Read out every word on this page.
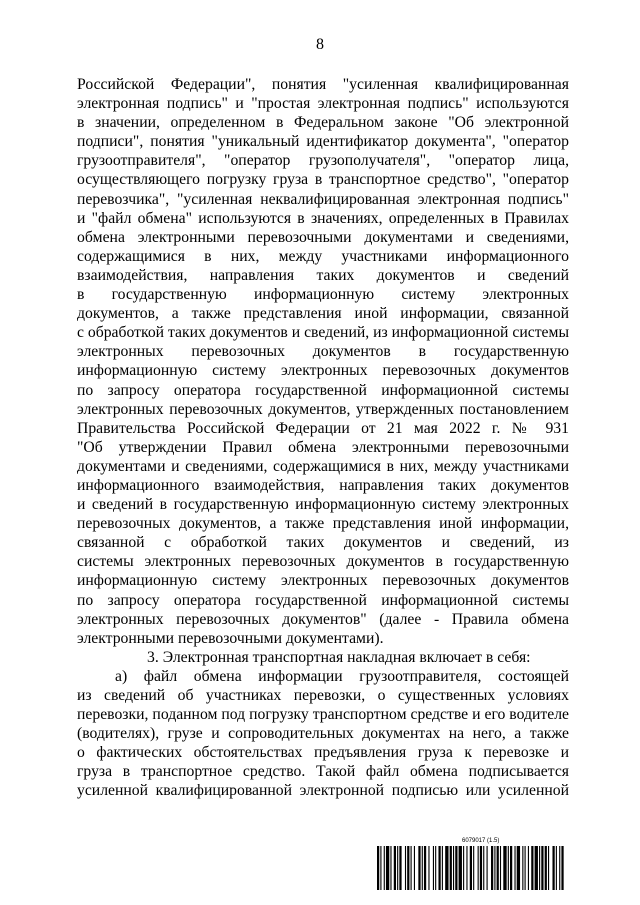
8
Российской Федерации", понятия "усиленная квалифицированная
электронная подпись" и "простая электронная подпись" используются
в значении, определенном в Федеральном законе "Об электронной
подписи", понятия "уникальный идентификатор документа", "оператор
грузоотправителя", "оператор грузополучателя", "оператор лица,
осуществляющего погрузку груза в транспортное средство", "оператор
перевозчика", "усиленная неквалифицированная электронная подпись"
и "файл обмена" используются в значениях, определенных в Правилах
обмена электронными перевозочными документами и сведениями,
содержащимися в них, между участниками информационного
взаимодействия, направления таких документов и сведений
в государственную информационную систему электронных
документов, а также представления иной информации, связанной
с обработкой таких документов и сведений, из информационной системы
электронных перевозочных документов в государственную
информационную систему электронных перевозочных документов
по запросу оператора государственной информационной системы
электронных перевозочных документов, утвержденных постановлением
Правительства Российской Федерации от 21 мая 2022 г. № 931
"Об утверждении Правил обмена электронными перевозочными
документами и сведениями, содержащимися в них, между участниками
информационного взаимодействия, направления таких документов
и сведений в государственную информационную систему электронных
перевозочных документов, а также представления иной информации,
связанной с обработкой таких документов и сведений, из
системы электронных перевозочных документов в государственную
информационную систему электронных перевозочных документов
по запросу оператора государственной информационной системы
электронных перевозочных документов" (далее - Правила обмена
электронными перевозочными документами).
3. Электронная транспортная накладная включает в себя:
а) файл обмена информации грузоотправителя, состоящей
из сведений об участниках перевозки, о существенных условиях
перевозки, поданном под погрузку транспортном средстве и его водителе
(водителях), грузе и сопроводительных документах на него, а также
о фактических обстоятельствах предъявления груза к перевозке и
груза в транспортное средство. Такой файл обмена подписывается
усиленной квалифицированной электронной подписью или усиленной
6079017 (1.5)
